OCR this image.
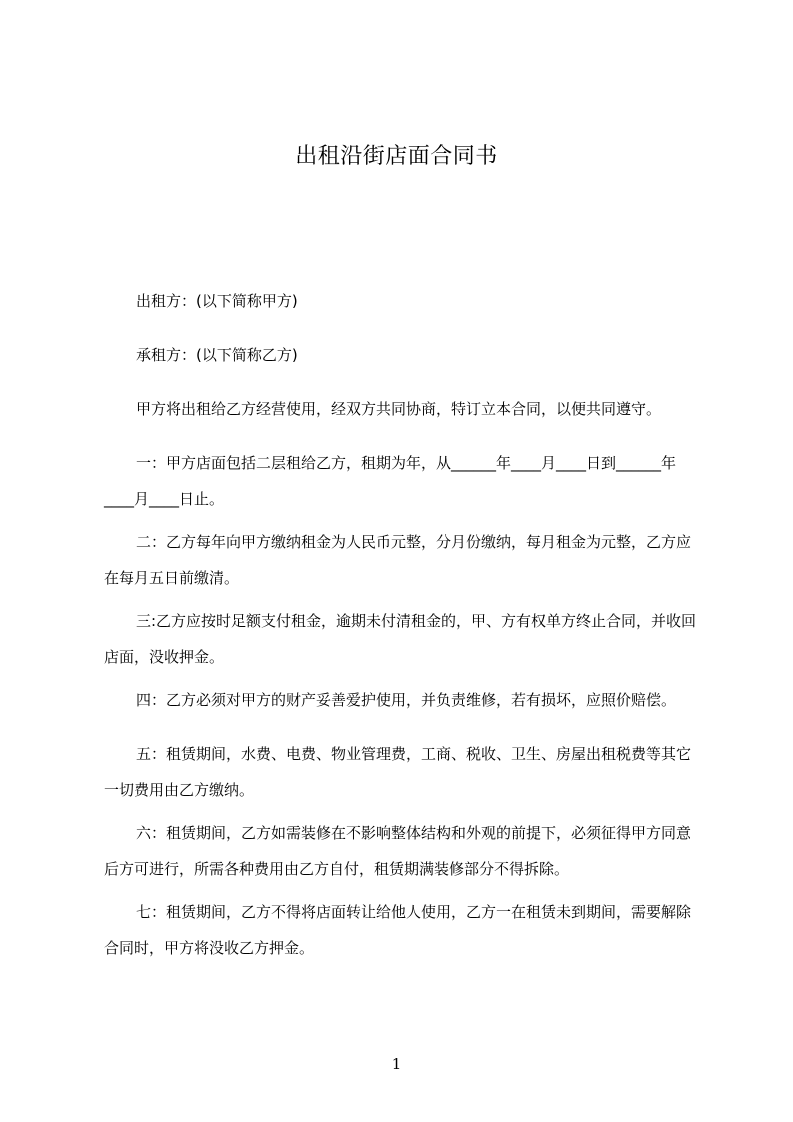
出租沿街店面合同书
出租方：(以下简称甲方)
承租方：(以下简称乙方)
甲方将出租给乙方经营使用，经双方共同协商，特订立本合同，以便共同遵守。
一：甲方店面包括二层租给乙方，租期为年，从______年____月____日到______年____月____日止。
二：乙方每年向甲方缴纳租金为人民币元整，分月份缴纳，每月租金为元整，乙方应在每月五日前缴清。
三:乙方应按时足额支付租金，逾期未付清租金的，甲、方有权单方终止合同，并收回店面，没收押金。
四：乙方必须对甲方的财产妥善爱护使用，并负责维修，若有损坏，应照价赔偿。
五：租赁期间，水费、电费、物业管理费，工商、税收、卫生、房屋出租税费等其它一切费用由乙方缴纳。
六：租赁期间，乙方如需装修在不影响整体结构和外观的前提下，必须征得甲方同意后方可进行，所需各种费用由乙方自付，租赁期满装修部分不得拆除。
七：租赁期间，乙方不得将店面转让给他人使用，乙方一在租赁未到期间，需要解除合同时，甲方将没收乙方押金。
1
